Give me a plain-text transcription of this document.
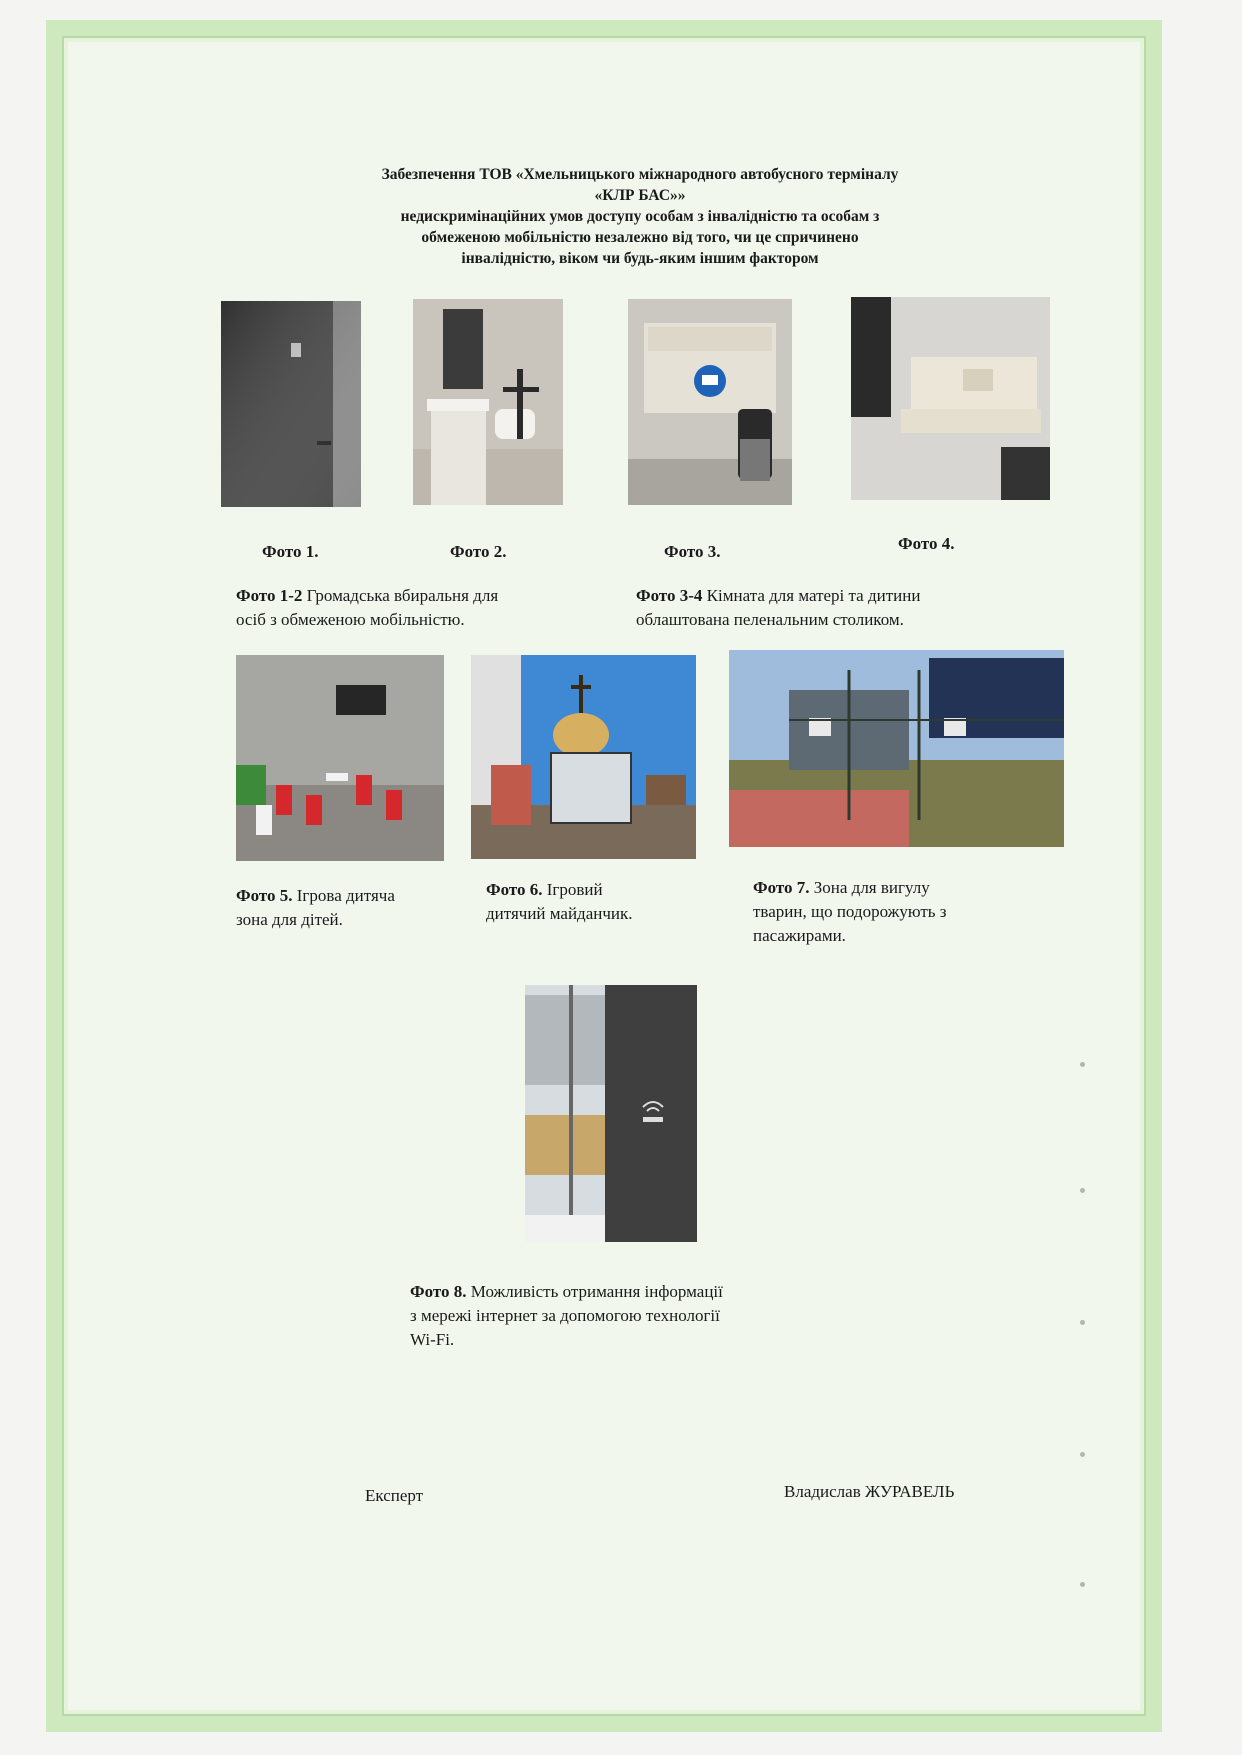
Забезпечення ТОВ «Хмельницького міжнародного автобусного терміналу
«КЛР БАС»»
недискримінаційних умов доступу особам з інвалідністю та особам з
обмеженою мобільністю незалежно від того, чи це спричинено
інвалідністю, віком чи будь-яким іншим фактором
Фото 1.	Фото 2.	Фото 3.	Фото 4.
Фото 1-2 Громадська вбиральня для
осіб з обмеженою мобільністю.
Фото 3-4 Кімната для матері та дитини
облаштована пеленальним столиком.
Фото 5. Ігрова дитяча
зона для дітей.
Фото 6. Ігровий
дитячий майданчик.
Фото 7. Зона для вигулу
тварин, що подорожують з
пасажирами.
Фото 8. Можливість отримання інформації
з мережі інтернет за допомогою технології
Wi-Fi.
Експерт	Владислав ЖУРАВЕЛЬ
